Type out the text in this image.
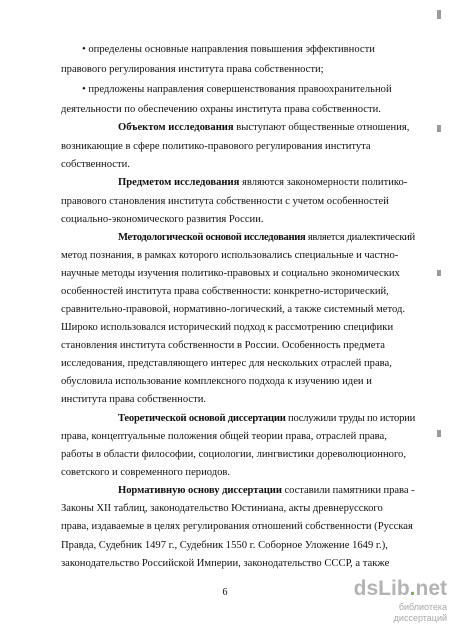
• определены основные направления повышения эффективности
правового регулирования института права собственности;
• предложены направления совершенствования правоохранительной
деятельности по обеспечению охраны института права собственности.
Объектом исследования выступают общественные отношения,
возникающие в сфере политико-правового регулирования института
собственности.
Предметом исследования являются закономерности политико-
правового становления института собственности с учетом особенностей
социально-экономического развития России.
Методологической основой исследования является диалектический
метод познания, в рамках которого использовались специальные и частно-
научные методы изучения политико-правовых и социально экономических
особенностей института права собственности: конкретно-исторический,
сравнительно-правовой, нормативно-логический, а также системный метод.
Широко использовался исторический подход к рассмотрению специфики
становления института собственности в России. Особенность предмета
исследования, представляющего интерес для нескольких отраслей права,
обусловила использование комплексного подхода к изучению идеи и
института права собственности.
Теоретической основой диссертации послужили труды по истории
права, концептуальные положения общей теории права, отраслей права,
работы в области философии, социологии, лингвистики дореволюционного,
советского и современного периодов.
Нормативную основу диссертации составили памятники права -
Законы XII таблиц, законодательство Юстиниана, акты древнерусского
права, издаваемые в целях регулирования отношений собственности (Русская
Правда, Судебник 1497 г., Судебник 1550 г. Соборное Уложение 1649 г.),
законодательство Российской Империи, законодательство СССР, а также
6	dsLib.net
библиотека диссертаций
